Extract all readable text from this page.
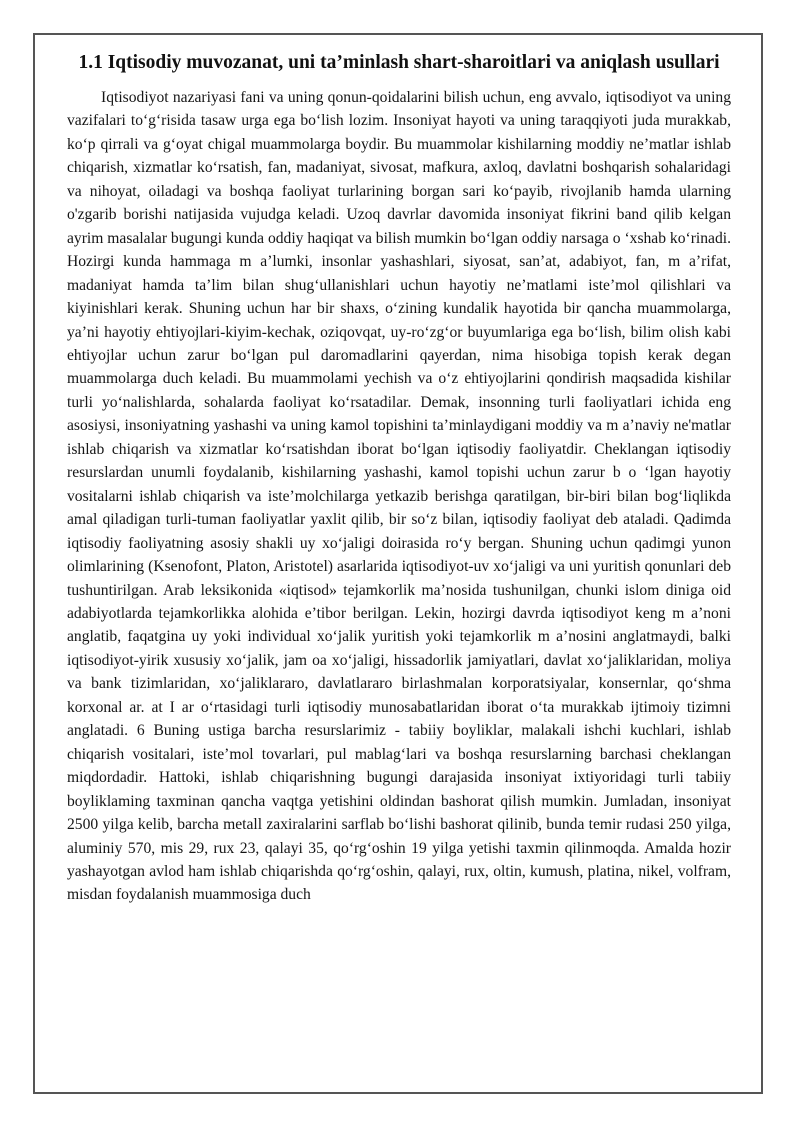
1.1 Iqtisodiy muvozanat, uni ta’minlash shart-sharoitlari va aniqlash usullari

Iqtisodiyot nazariyasi fani va uning qonun-qoidalarini bilish uchun, eng avvalo, iqtisodiyot va uning vazifalari to‘g‘risida tasaw urga ega bo‘lish lozim. Insoniyat hayoti va uning taraqqiyoti juda murakkab, ko‘p qirrali va g‘oyat chigal muammolarga boydir. Bu muammolar kishilarning moddiy ne’matlar ishlab chiqarish, xizmatlar ko‘rsatish, fan, madaniyat, sivosat, mafkura, axloq, davlatni boshqarish sohalaridagi va nihoyat, oiladagi va boshqa faoliyat turlarining borgan sari ko‘payib, rivojlanib hamda ularning o'zgarib borishi natijasida vujudga keladi. Uzoq davrlar davomida insoniyat fikrini band qilib kelgan ayrim masalalar bugungi kunda oddiy haqiqat va bilish mumkin bo‘lgan oddiy narsaga o ‘xshab ko‘rinadi. Hozirgi kunda hammaga m a’lumki, insonlar yashashlari, siyosat, san’at, adabiyot, fan, m a’rifat, madaniyat hamda ta’lim bilan shug‘ullanishlari uchun hayotiy ne’matlami iste’mol qilishlari va kiyinishlari kerak. Shuning uchun har bir shaxs, o‘zining kundalik hayotida bir qancha muammolarga, ya’ni hayotiy ehtiyojlari-kiyim-kechak, oziqovqat, uy-ro‘zg‘or buyumlariga ega bo‘lish, bilim olish kabi ehtiyojlar uchun zarur bo‘lgan pul daromadlarini qayerdan, nima hisobiga topish kerak degan muammolarga duch keladi. Bu muammolami yechish va o‘z ehtiyojlarini qondirish maqsadida kishilar turli yo‘nalishlarda, sohalarda faoliyat ko‘rsatadilar. Demak, insonning turli faoliyatlari ichida eng asosiysi, insoniyatning yashashi va uning kamol topishini ta’minlaydigani moddiy va m a’naviy ne'matlar ishlab chiqarish va xizmatlar ko‘rsatishdan iborat bo‘lgan iqtisodiy faoliyatdir. Cheklangan iqtisodiy resurslardan unumli foydalanib, kishilarning yashashi, kamol topishi uchun zarur b o ‘lgan hayotiy vositalarni ishlab chiqarish va iste’molchilarga yetkazib berishga qaratilgan, bir-biri bilan bog‘liqlikda amal qiladigan turli-tuman faoliyatlar yaxlit qilib, bir so‘z bilan, iqtisodiy faoliyat deb ataladi. Qadimda iqtisodiy faoliyatning asosiy shakli uy xo‘jaligi doirasida ro‘y bergan. Shuning uchun qadimgi yunon olimlarining (Ksenofont, Platon, Aristotel) asarlarida iqtisodiyot-uv xo‘jaligi va uni yuritish qonunlari deb tushuntirilgan. Arab leksikonida «iqtisod» tejamkorlik ma’nosida tushunilgan, chunki islom diniga oid adabiyotlarda tejamkorlikka alohida e’tibor berilgan. Lekin, hozirgi davrda iqtisodiyot keng m a’noni anglatib, faqatgina uy yoki individual xo‘jalik yuritish yoki tejamkorlik m a’nosini anglatmaydi, balki iqtisodiyot-yirik xususiy xo‘jalik, jam oa xo‘jaligi, hissadorlik jamiyatlari, davlat xo‘jaliklaridan, moliya va bank tizimlaridan, xo‘jaliklararo, davlatlararo birlashmalan korporatsiyalar, konsernlar, qo‘shma korxonal ar. at I ar o‘rtasidagi turli iqtisodiy munosabatlaridan iborat o‘ta murakkab ijtimoiy tizimni anglatadi. 6 Buning ustiga barcha resurslarimiz - tabiiy boyliklar, malakali ishchi kuchlari, ishlab chiqarish vositalari, iste’mol tovarlari, pul mablag‘lari va boshqa resurslarning barchasi cheklangan miqdordadir. Hattoki, ishlab chiqarishning bugungi darajasida insoniyat ixtiyoridagi turli tabiiy boyliklaming taxminan qancha vaqtga yetishini oldindan bashorat qilish mumkin. Jumladan, insoniyat 2500 yilga kelib, barcha metall zaxiralarini sarflab bo‘lishi bashorat qilinib, bunda temir rudasi 250 yilga, aluminiy 570, mis 29, rux 23, qalayi 35, qo‘rg‘oshin 19 yilga yetishi taxmin qilinmoqda. Amalda hozir yashayotgan avlod ham ishlab chiqarishda qo‘rg‘oshin, qalayi, rux, oltin, kumush, platina, nikel, volfram, misdan foydalanish muammosiga duch
